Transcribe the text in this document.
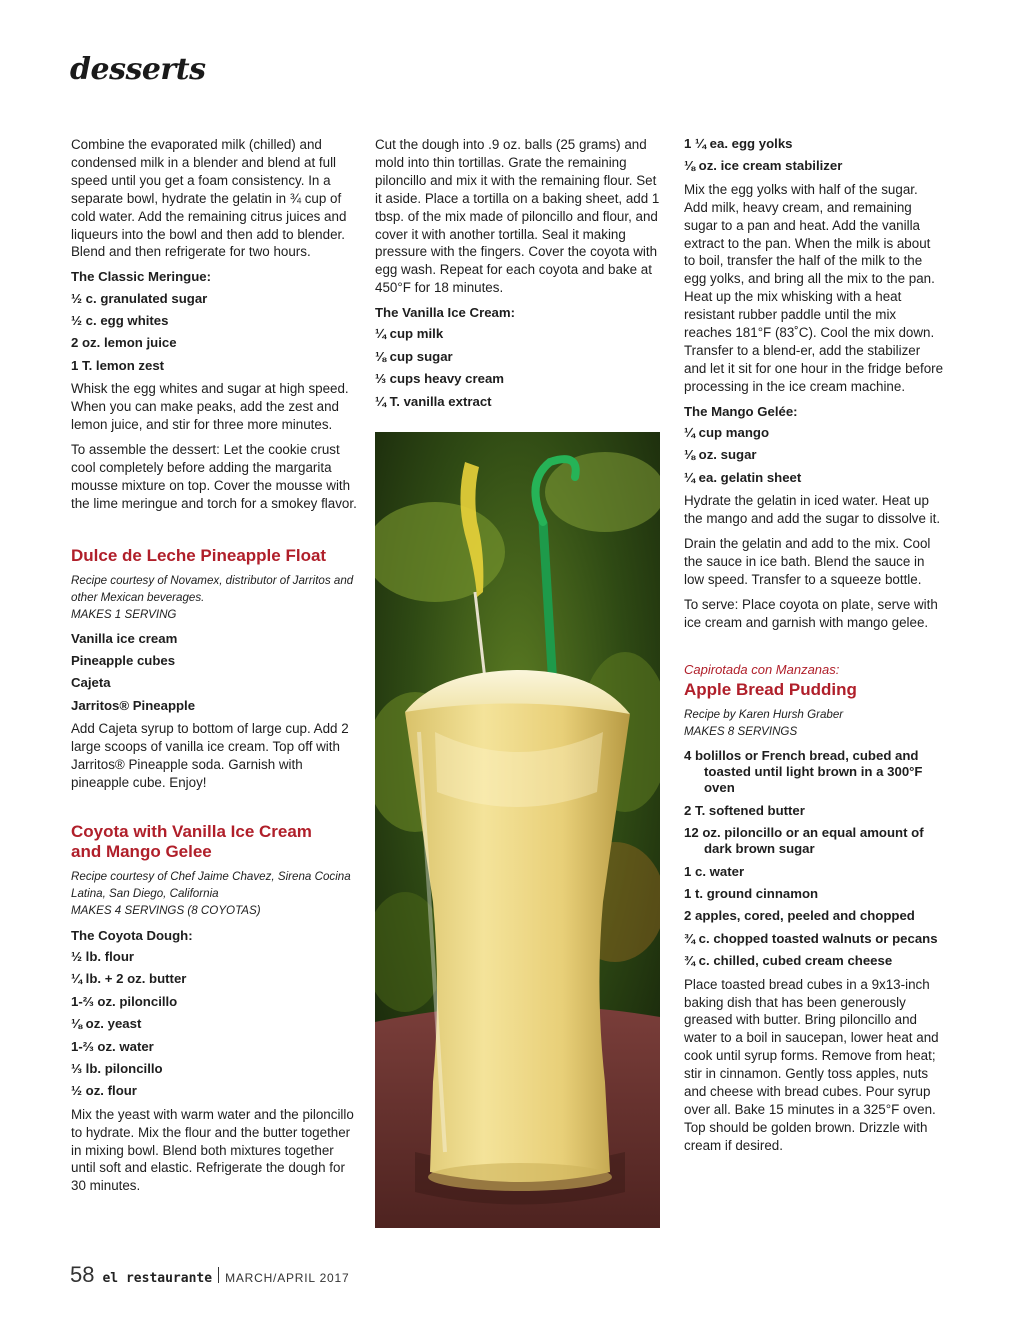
desserts

Combine the evaporated milk (chilled) and condensed milk in a blender and blend at full speed until you get a foam consistency. In a separate bowl, hydrate the gelatin in ¾ cup of cold water. Add the remaining citrus juices and liqueurs into the bowl and then add to blender. Blend and then refrigerate for two hours.

The Classic Meringue:
½ c. granulated sugar
½ c. egg whites
2 oz. lemon juice
1 T. lemon zest

Whisk the egg whites and sugar at high speed. When you can make peaks, add the zest and lemon juice, and stir for three more minutes.

To assemble the dessert: Let the cookie crust cool completely before adding the margarita mousse mixture on top. Cover the mousse with the lime meringue and torch for a smokey flavor.

Dulce de Leche Pineapple Float
Recipe courtesy of Novamex, distributor of Jarritos and other Mexican beverages.
MAKES 1 SERVING
Vanilla ice cream
Pineapple cubes
Cajeta
Jarritos® Pineapple

Add Cajeta syrup to bottom of large cup. Add 2 large scoops of vanilla ice cream. Top off with Jarritos® Pineapple soda. Garnish with pineapple cube. Enjoy!

Coyota with Vanilla Ice Cream
and Mango Gelee
Recipe courtesy of Chef Jaime Chavez, Sirena Cocina Latina, San Diego, California
MAKES 4 SERVINGS (8 COYOTAS)
The Coyota Dough:
½ lb. flour
¼ lb. + 2 oz. butter
1-⅔ oz. piloncillo
⅛ oz. yeast
1-⅔ oz. water
⅓ lb. piloncillo
½ oz. flour

Mix the yeast with warm water and the piloncillo to hydrate. Mix the flour and the butter together in mixing bowl. Blend both mixtures together until soft and elastic. Refrigerate the dough for 30 minutes.

Cut the dough into .9 oz. balls (25 grams) and mold into thin tortillas. Grate the remaining piloncillo and mix it with the remaining flour. Set it aside. Place a tortilla on a baking sheet, add 1 tbsp. of the mix made of piloncillo and flour, and cover it with another tortilla. Seal it making pressure with the fingers. Cover the coyota with egg wash. Repeat for each coyota and bake at 450°F for 18 minutes.

The Vanilla Ice Cream:
¼ cup milk
⅛ cup sugar
⅓ cups heavy cream
¼ T. vanilla extract
1 ¼ ea. egg yolks
⅛ oz. ice cream stabilizer

Mix the egg yolks with half of the sugar. Add milk, heavy cream, and remaining sugar to a pan and heat. Add the vanilla extract to the pan. When the milk is about to boil, transfer the half of the milk to the egg yolks, and bring all the mix to the pan. Heat up the mix whisking with a heat resistant rubber paddle until the mix reaches 181°F (83˚C). Cool the mix down. Transfer to a blend-er, add the stabilizer and let it sit for one hour in the fridge before processing in the ice cream machine.

The Mango Gelée:
¼ cup mango
⅛ oz. sugar
¼ ea. gelatin sheet

Hydrate the gelatin in iced water. Heat up the mango and add the sugar to dissolve it.

Drain the gelatin and add to the mix. Cool the sauce in ice bath. Blend the sauce in low speed. Transfer to a squeeze bottle.

To serve: Place coyota on plate, serve with ice cream and garnish with mango gelee.

Capirotada con Manzanas:
Apple Bread Pudding
Recipe by Karen Hursh Graber
MAKES 8 SERVINGS
4 bolillos or French bread, cubed and toasted until light brown in a 300°F oven
2 T. softened butter
12 oz. piloncillo or an equal amount of dark brown sugar
1 c. water
1 t. ground cinnamon
2 apples, cored, peeled and chopped
¾ c. chopped toasted walnuts or pecans
¾ c. chilled, cubed cream cheese

Place toasted bread cubes in a 9x13-inch baking dish that has been generously greased with butter. Bring piloncillo and water to a boil in saucepan, lower heat and cook until syrup forms. Remove from heat; stir in cinnamon. Gently toss apples, nuts and cheese with bread cubes. Pour syrup over all. Bake 15 minutes in a 325°F oven. Top should be golden brown. Drizzle with cream if desired.

58 el restaurante MARCH/APRIL 2017
